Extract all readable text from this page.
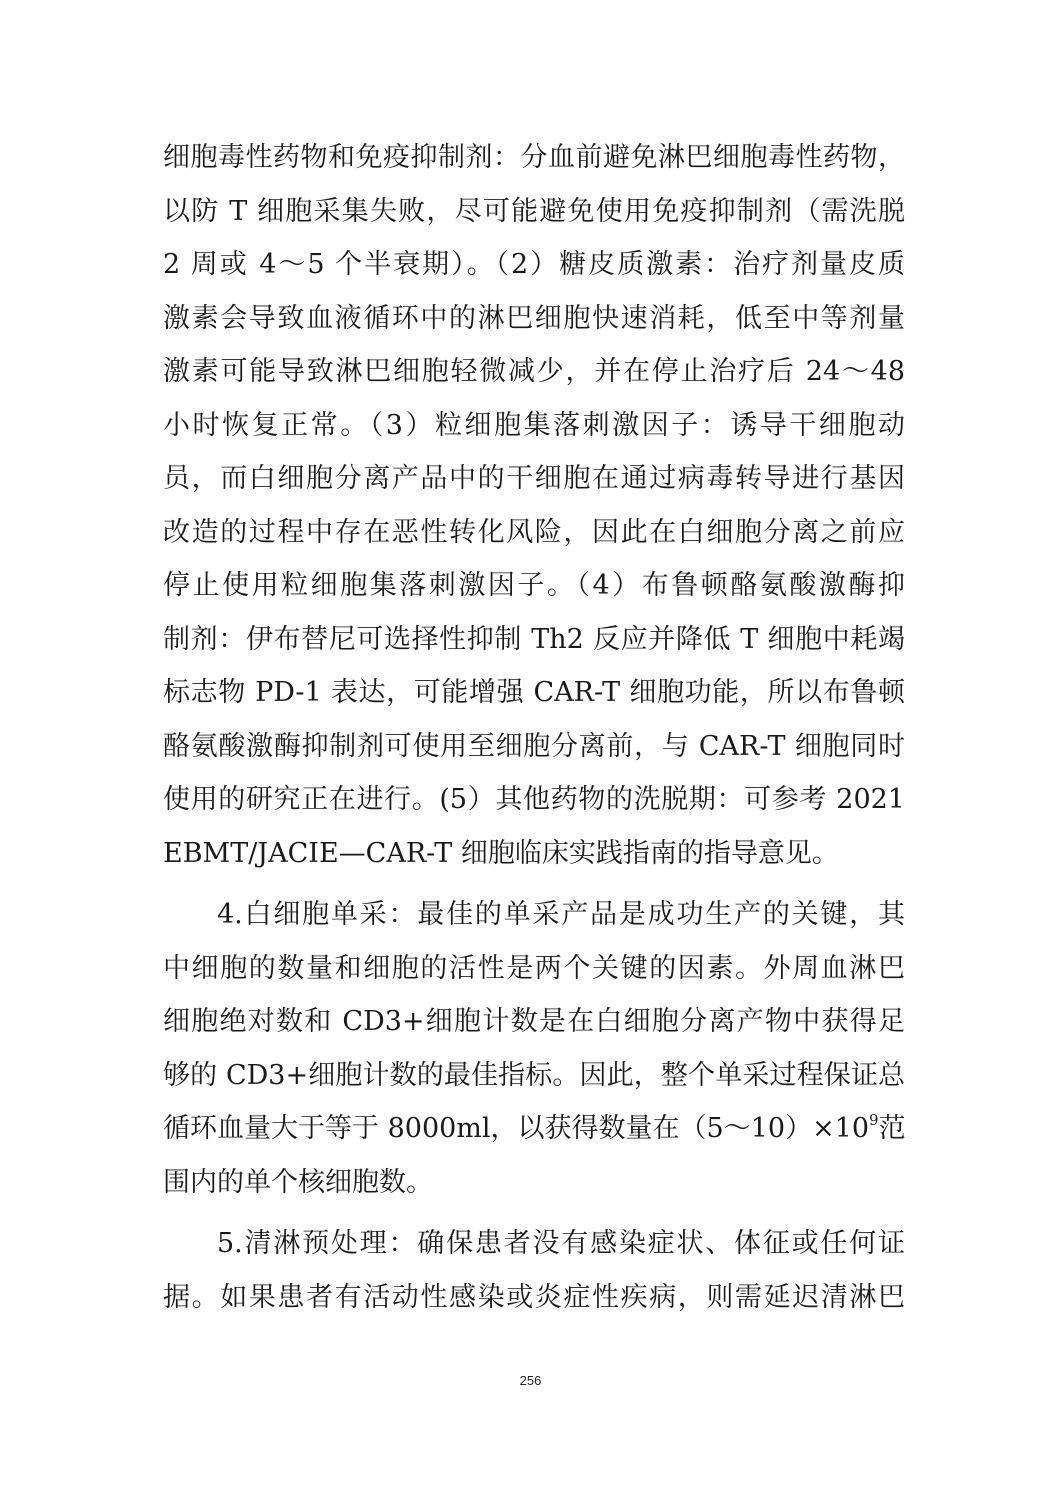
细胞毒性药物和免疫抑制剂：分血前避免淋巴细胞毒性药物，
以防 T 细胞采集失败，尽可能避免使用免疫抑制剂（需洗脱
2 周或 4～5 个半衰期）。（2）糖皮质激素：治疗剂量皮质
激素会导致血液循环中的淋巴细胞快速消耗，低至中等剂量
激素可能导致淋巴细胞轻微减少，并在停止治疗后 24～48
小时恢复正常。（3）粒细胞集落刺激因子：诱导干细胞动
员，而白细胞分离产品中的干细胞在通过病毒转导进行基因
改造的过程中存在恶性转化风险，因此在白细胞分离之前应
停止使用粒细胞集落刺激因子。（4）布鲁顿酪氨酸激酶抑
制剂：伊布替尼可选择性抑制 Th2 反应并降低 T 细胞中耗竭
标志物 PD-1 表达，可能增强 CAR-T 细胞功能，所以布鲁顿
酪氨酸激酶抑制剂可使用至细胞分离前，与 CAR-T 细胞同时
使用的研究正在进行。(5）其他药物的洗脱期：可参考 2021
EBMT/JACIE—CAR-T 细胞临床实践指南的指导意见。
4.白细胞单采：最佳的单采产品是成功生产的关键，其
中细胞的数量和细胞的活性是两个关键的因素。外周血淋巴
细胞绝对数和 CD3+细胞计数是在白细胞分离产物中获得足
够的 CD3+细胞计数的最佳指标。因此，整个单采过程保证总
循环血量大于等于 8000ml，以获得数量在$(5\sim 10)\times 10^9$范
围内的单个核细胞数。
5.清淋预处理：确保患者没有感染症状、体征或任何证
据。如果患者有活动性感染或炎症性疾病，则需延迟清淋巴
256
